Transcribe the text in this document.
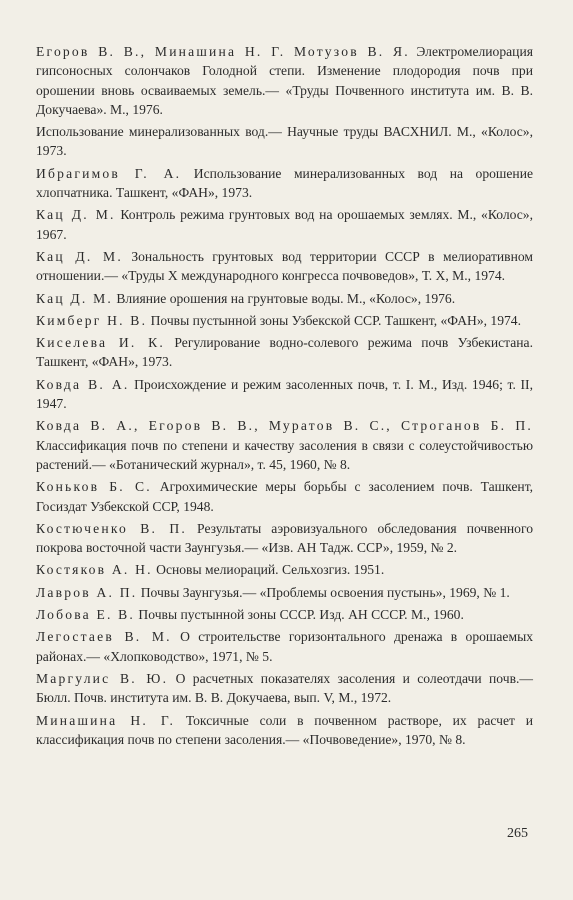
Егоров В. В., Минашина Н. Г. Мотузов В. Я. Электромелиорация гипсоносных солончаков Голодной степи. Изменение плодородия почв при орошении вновь осваиваемых земель.— «Труды Почвенного института им. В. В. Докучаева». М., 1976.
Использование минерализованных вод.— Научные труды ВАСХНИЛ. М., «Колос», 1973.
Ибрагимов Г. А. Использование минерализованных вод на орошение хлопчатника. Ташкент, «ФАН», 1973.
Кац Д. М. Контроль режима грунтовых вод на орошаемых землях. М., «Колос», 1967.
Кац Д. М. Зональность грунтовых вод территории СССР в мелиоративном отношении.— «Труды X международного конгресса почвоведов», Т. X, М., 1974.
Кац Д. М. Влияние орошения на грунтовые воды. М., «Колос», 1976.
Кимберг Н. В. Почвы пустынной зоны Узбекской ССР. Ташкент, «ФАН», 1974.
Киселева И. К. Регулирование водно-солевого режима почв Узбекистана. Ташкент, «ФАН», 1973.
Ковда В. А. Происхождение и режим засоленных почв, т. I. М., Изд. 1946; т. II, 1947.
Ковда В. А., Егоров В. В., Муратов В. С., Строганов Б. П. Классификация почв по степени и качеству засоления в связи с солеустойчивостью растений.— «Ботанический журнал», т. 45, 1960, № 8.
Коньков Б. С. Агрохимические меры борьбы с засолением почв. Ташкент, Госиздат Узбекской ССР, 1948.
Костюченко В. П. Результаты аэровизуального обследования почвенного покрова восточной части Заунгузья.— «Изв. АН Тадж. ССР», 1959, № 2.
Костяков А. Н. Основы мелиораций. Сельхозгиз. 1951.
Лавров А. П. Почвы Заунгузья.— «Проблемы освоения пустынь», 1969, № 1.
Лобова Е. В. Почвы пустынной зоны СССР. Изд. АН СССР. М., 1960.
Легостаев В. М. О строительстве горизонтального дренажа в орошаемых районах.— «Хлопководство», 1971, № 5.
Маргулис В. Ю. О расчетных показателях засоления и солеотдачи почв.— Бюлл. Почв. института им. В. В. Докучаева, вып. V, М., 1972.
Минашина Н. Г. Токсичные соли в почвенном растворе, их расчет и классификация почв по степени засоления.— «Почвоведение», 1970, № 8.
265
